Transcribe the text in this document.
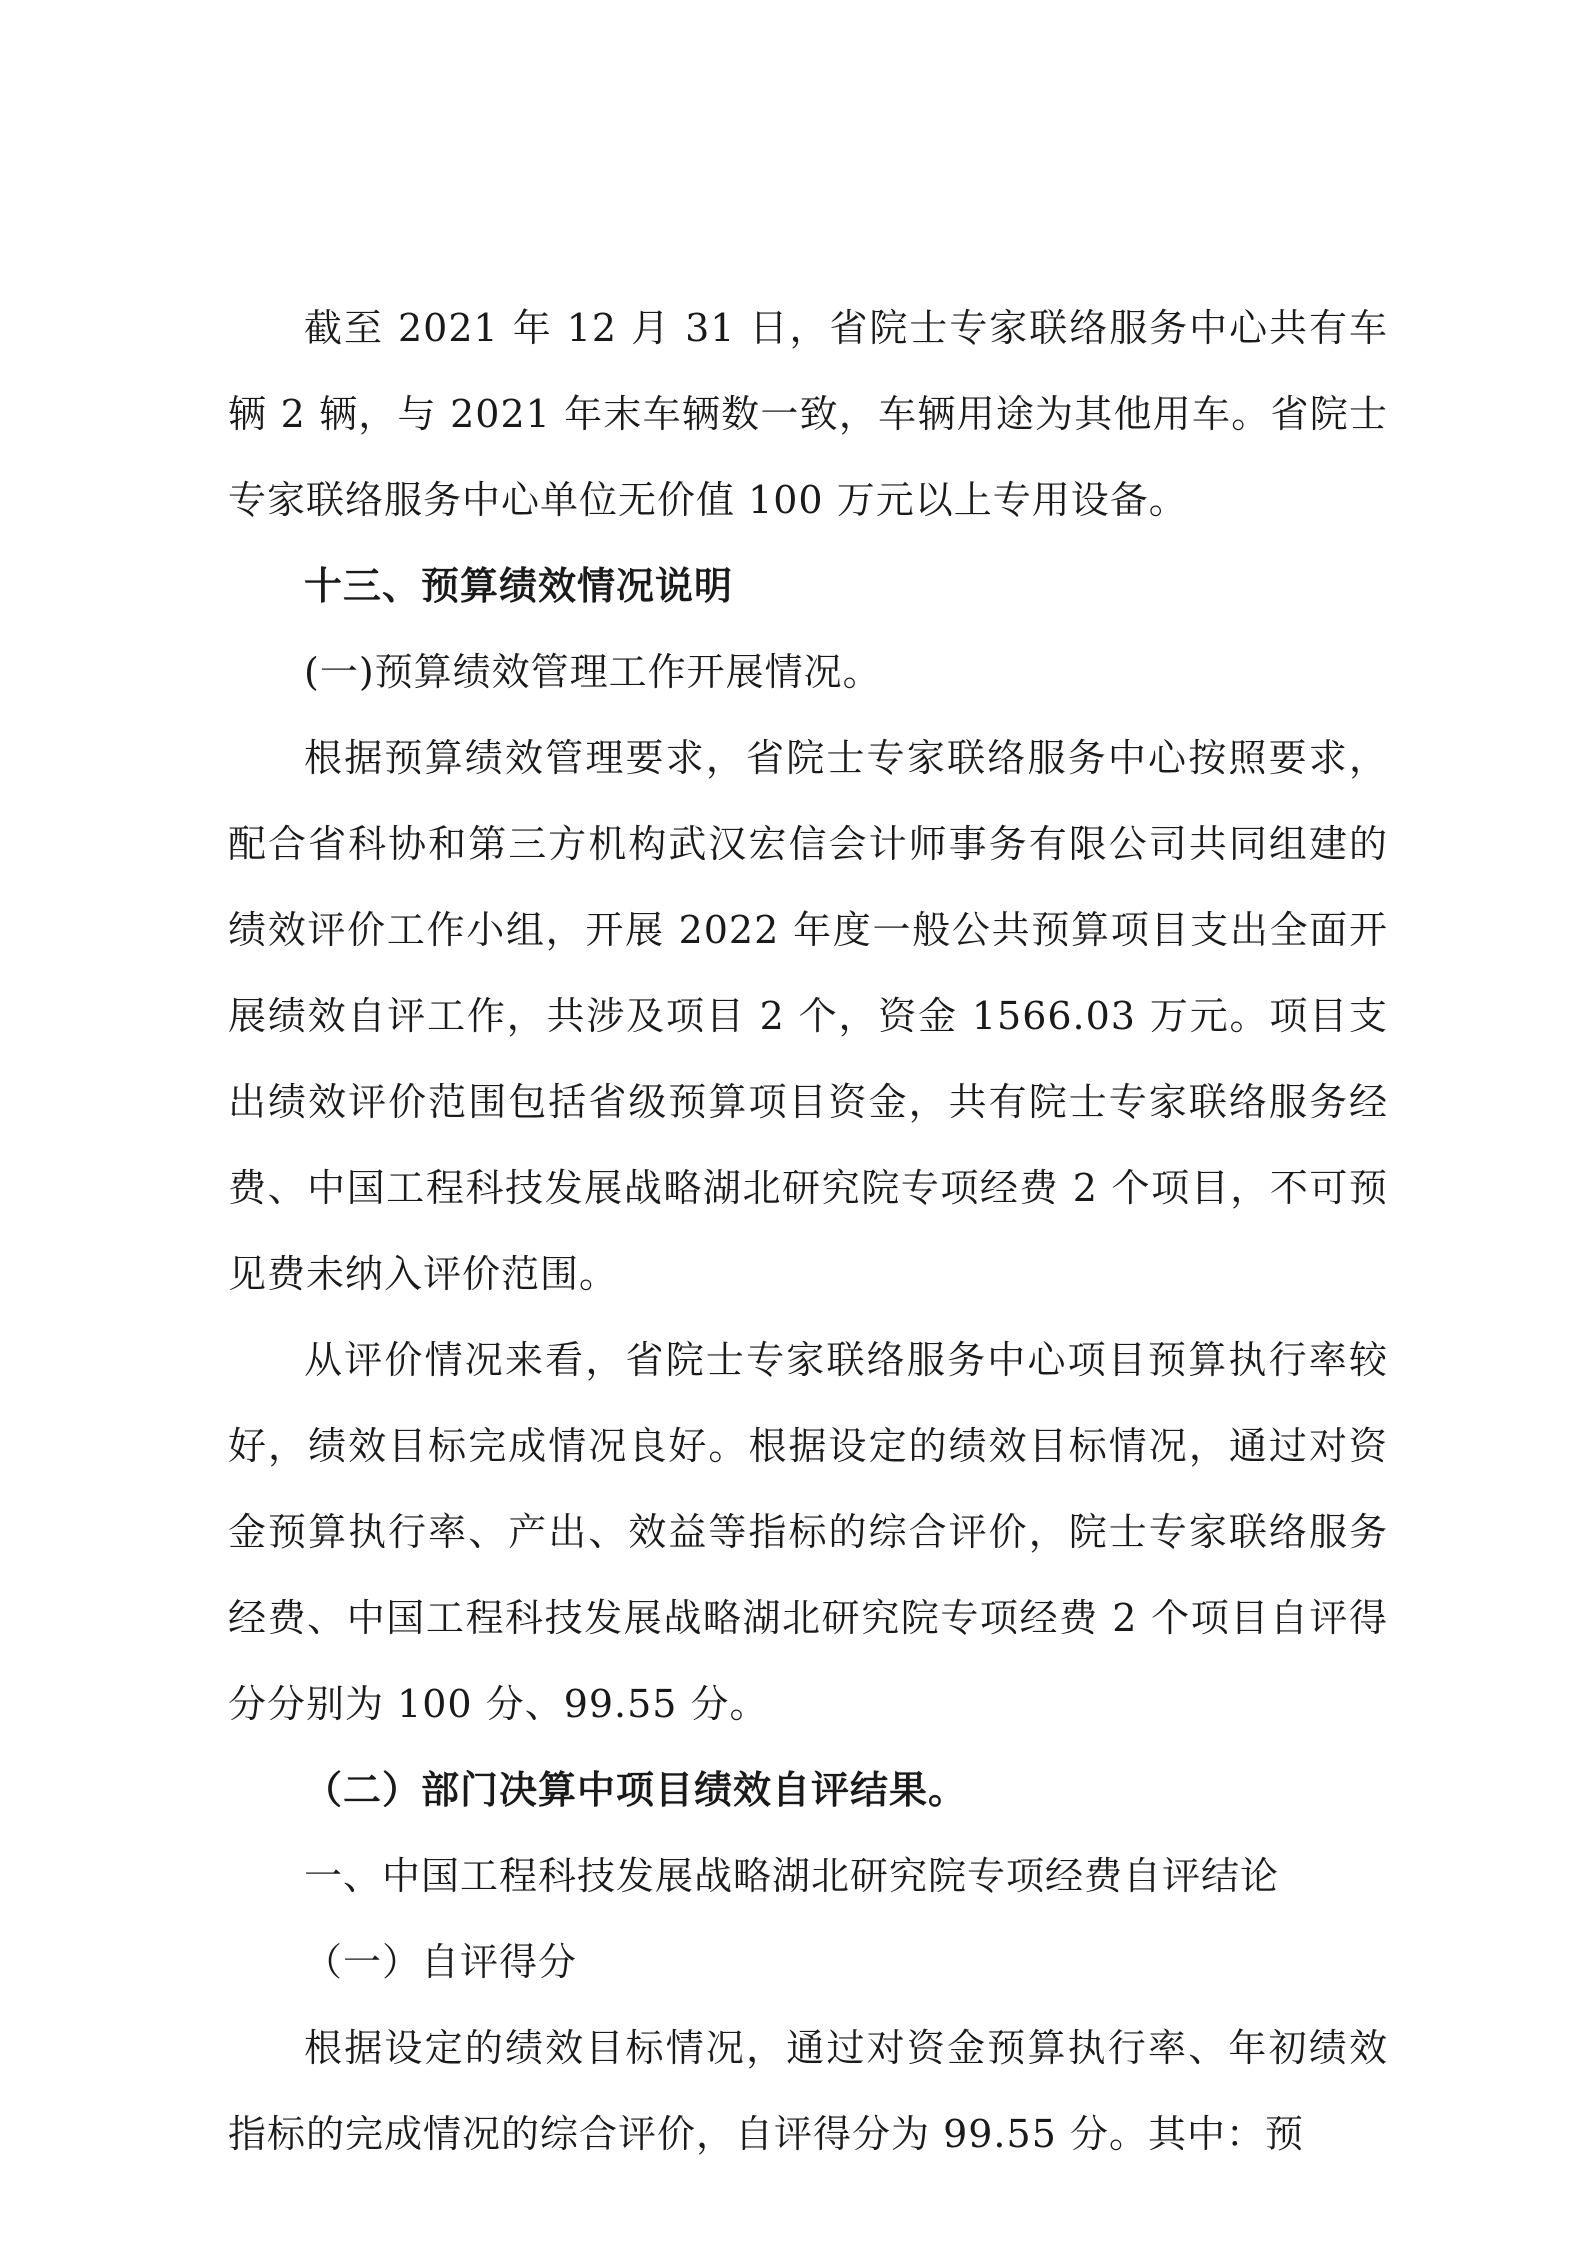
截至 2021 年 12 月 31 日，省院士专家联络服务中心共有车辆 2 辆，与 2021 年末车辆数一致，车辆用途为其他用车。省院士专家联络服务中心单位无价值 100 万元以上专用设备。

十三、预算绩效情况说明

(一)预算绩效管理工作开展情况。

根据预算绩效管理要求，省院士专家联络服务中心按照要求，配合省科协和第三方机构武汉宏信会计师事务有限公司共同组建的绩效评价工作小组，开展 2022 年度一般公共预算项目支出全面开展绩效自评工作，共涉及项目 2 个，资金 1566.03 万元。项目支出绩效评价范围包括省级预算项目资金，共有院士专家联络服务经费、中国工程科技发展战略湖北研究院专项经费 2 个项目，不可预见费未纳入评价范围。

从评价情况来看，省院士专家联络服务中心项目预算执行率较好，绩效目标完成情况良好。根据设定的绩效目标情况，通过对资金预算执行率、产出、效益等指标的综合评价，院士专家联络服务经费、中国工程科技发展战略湖北研究院专项经费 2 个项目自评得分分别为 100 分、99.55 分。

（二）部门决算中项目绩效自评结果。

一、中国工程科技发展战略湖北研究院专项经费自评结论

（一）自评得分

根据设定的绩效目标情况，通过对资金预算执行率、年初绩效指标的完成情况的综合评价，自评得分为 99.55 分。其中：预
